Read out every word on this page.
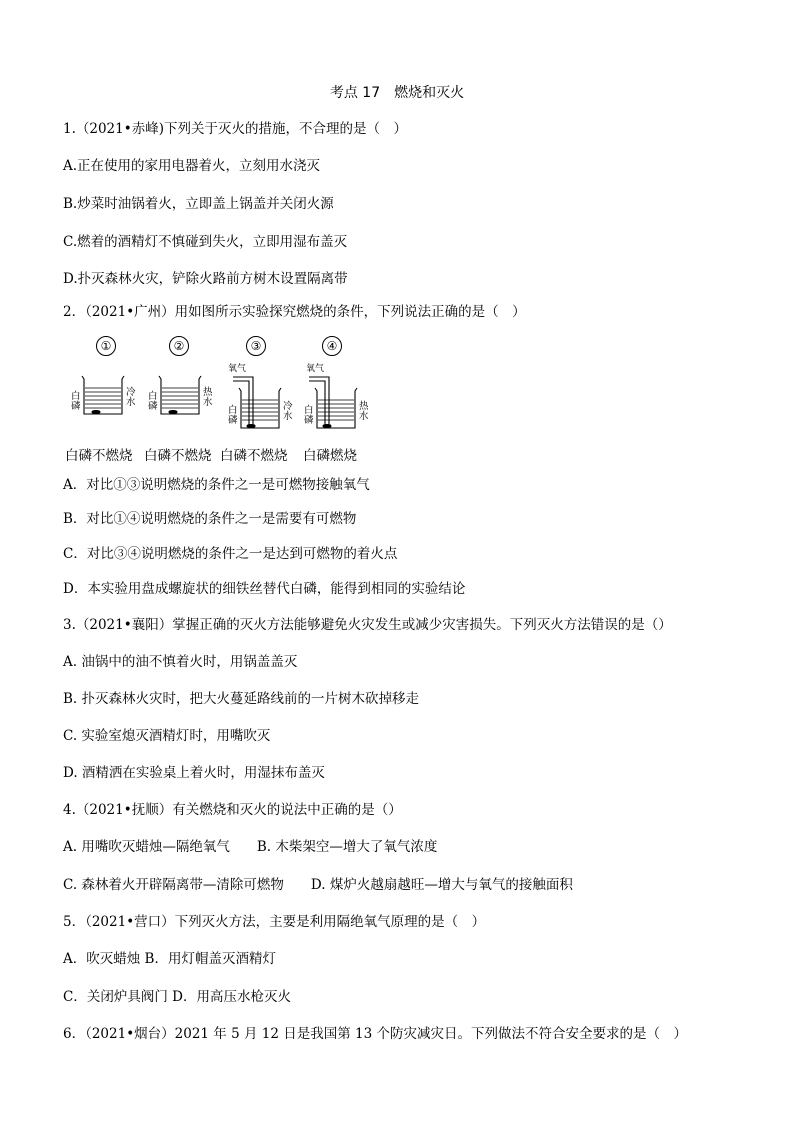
考点 17　燃烧和灭火
1.（2021•赤峰)下列关于灭火的措施，不合理的是（　）
A.正在使用的家用电器着火，立刻用水浇灭
B.炒菜时油锅着火，立即盖上锅盖并关闭火源
C.燃着的酒精灯不慎碰到失火，立即用湿布盖灭
D.扑灭森林火灾，铲除火路前方树木设置隔离带
2．（2021•广州）用如图所示实验探究燃烧的条件，下列说法正确的是（　）
①	②	③	④
白磷
冷水
白磷
热水
氧气
白磷
冷水
氧气
白磷
热水
白磷不燃烧 白磷不燃烧 白磷不燃烧 白磷燃烧
A．对比①③说明燃烧的条件之一是可燃物接触氧气
B．对比①④说明燃烧的条件之一是需要有可燃物
C．对比③④说明燃烧的条件之一是达到可燃物的着火点
D．本实验用盘成螺旋状的细铁丝替代白磷，能得到相同的实验结论
3.（2021•襄阳）掌握正确的灭火方法能够避免火灾发生或减少灾害损失。下列灭火方法错误的是（）
A. 油锅中的油不慎着火时，用锅盖盖灭
B. 扑灭森林火灾时，把大火蔓延路线前的一片树木砍掉移走
C. 实验室熄灭酒精灯时，用嘴吹灭
D. 酒精洒在实验桌上着火时，用湿抹布盖灭
4.（2021•抚顺）有关燃烧和灭火的说法中正确的是（）
A. 用嘴吹灭蜡烛—隔绝氧气　　B. 木柴架空—增大了氧气浓度
C. 森林着火开辟隔离带—清除可燃物　　D. 煤炉火越扇越旺—增大与氧气的接触面积
5．（2021•营口）下列灭火方法，主要是利用隔绝氧气原理的是（　）
A．吹灭蜡烛 B．用灯帽盖灭酒精灯
C．关闭炉具阀门 D．用高压水枪灭火
6．（2021•烟台）2021 年 5 月 12 日是我国第 13 个防灾减灾日。下列做法不符合安全要求的是（　）
